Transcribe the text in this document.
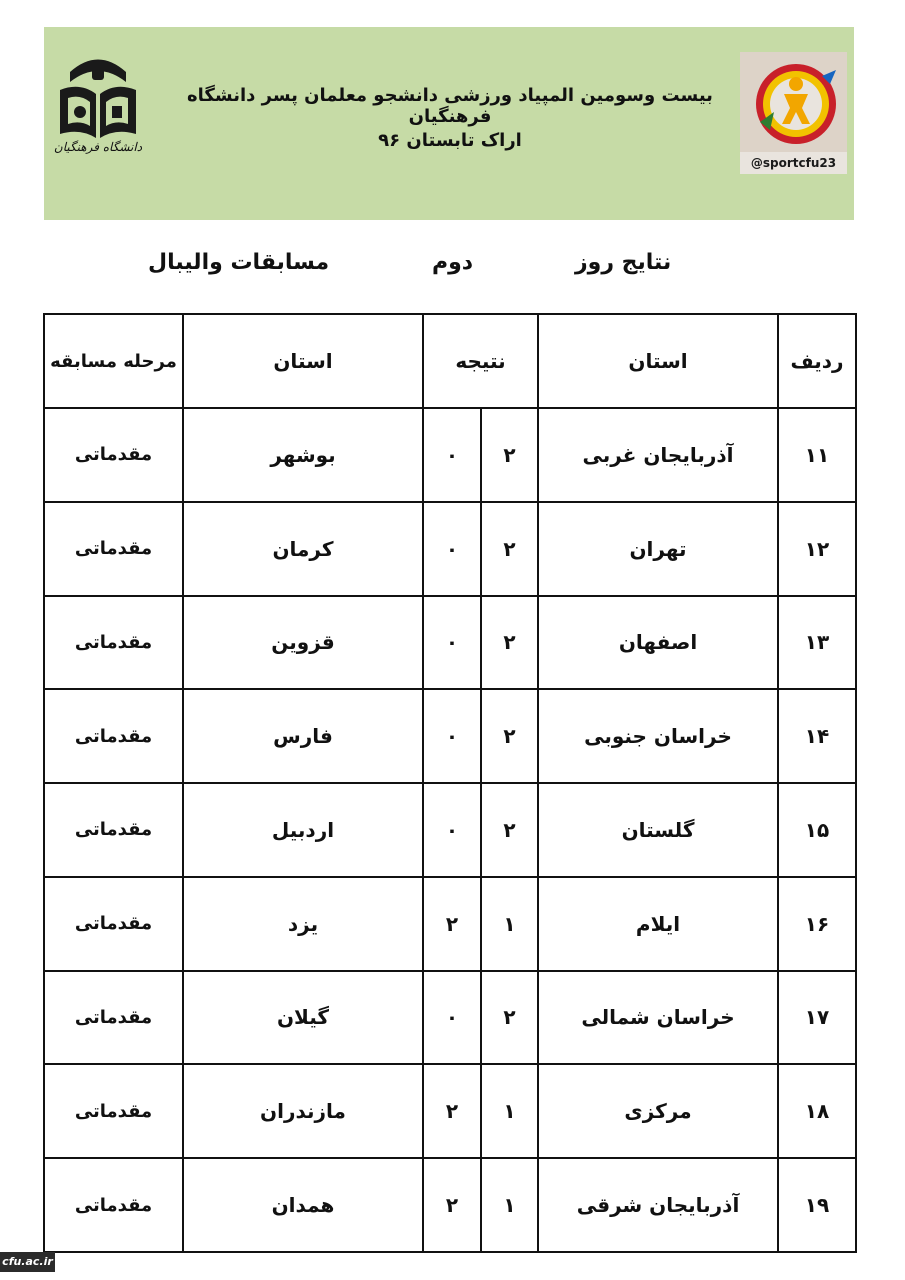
دانشگاه فرهنگیان
@sportcfu23
بیست وسومین المپیاد ورزشی دانشجو معلمان پسر دانشگاه فرهنگیان
اراک تابستان ۹۶
نتایج روز
دوم
مسابقات والیبال
ردیف	استان	نتیجه		استان	مرحله مسابقه
۱۱	آذربایجان غربی	۲	۰	بوشهر	مقدماتی
۱۲	تهران	۲	۰	کرمان	مقدماتی
۱۳	اصفهان	۲	۰	قزوین	مقدماتی
۱۴	خراسان جنوبی	۲	۰	فارس	مقدماتی
۱۵	گلستان	۲	۰	اردبیل	مقدماتی
۱۶	ایلام	۱	۲	یزد	مقدماتی
۱۷	خراسان شمالی	۲	۰	گیلان	مقدماتی
۱۸	مرکزی	۱	۲	مازندران	مقدماتی
۱۹	آذربایجان شرقی	۱	۲	همدان	مقدماتی
cfu.ac.ir
